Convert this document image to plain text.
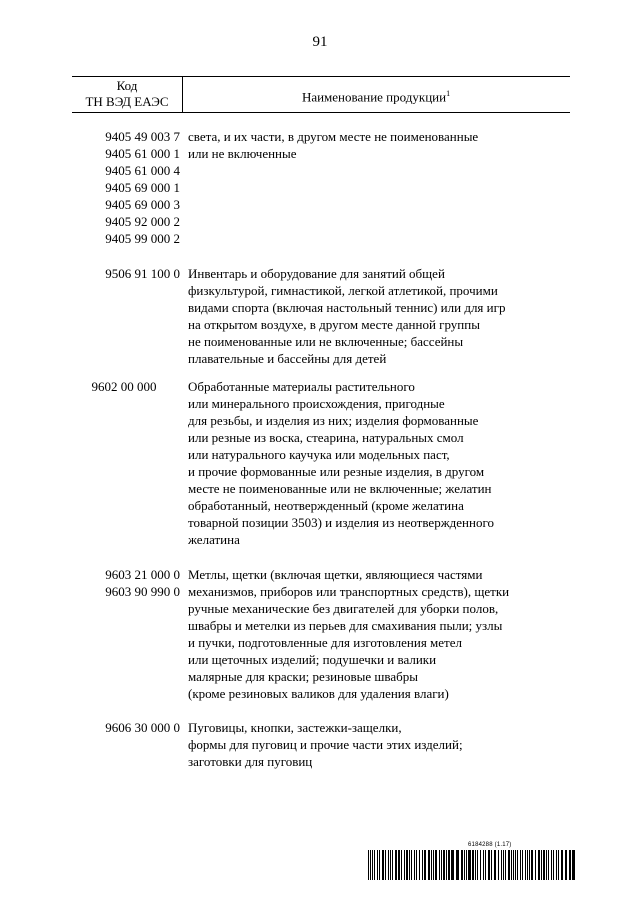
91
Код
ТН ВЭД ЕАЭС	Наименование продукции$^1$
9405 49 003 7
9405 61 000 1
9405 61 000 4
9405 69 000 1
9405 69 000 3
9405 92 000 2
9405 99 000 2
света, и их части, в другом месте не поименованные
или не включенные
9506 91 100 0 Инвентарь и оборудование для занятий общей
физкультурой, гимнастикой, легкой атлетикой, прочими
видами спорта (включая настольный теннис) или для игр
на открытом воздухе, в другом месте данной группы
не поименованные или не включенные; бассейны
плавательные и бассейны для детей
9602 00 000	Обработанные материалы растительного
или минерального происхождения, пригодные
для резьбы, и изделия из них; изделия формованные
или резные из воска, стеарина, натуральных смол
или натурального каучука или модельных паст,
и прочие формованные или резные изделия, в другом
месте не поименованные или не включенные; желатин
обработанный, неотвержденный (кроме желатина
товарной позиции 3503) и изделия из неотвержденного
желатина
9603 21 000 0
9603 90 990 0
Метлы, щетки (включая щетки, являющиеся частями
механизмов, приборов или транспортных средств), щетки
ручные механические без двигателей для уборки полов,
швабры и метелки из перьев для смахивания пыли; узлы
и пучки, подготовленные для изготовления метел
или щеточных изделий; подушечки и валики
малярные для краски; резиновые швабры
(кроме резиновых валиков для удаления влаги)
9606 30 000 0 Пуговицы, кнопки, застежки-защелки,
формы для пуговиц и прочие части этих изделий;
заготовки для пуговиц
6184288 (1.17)
